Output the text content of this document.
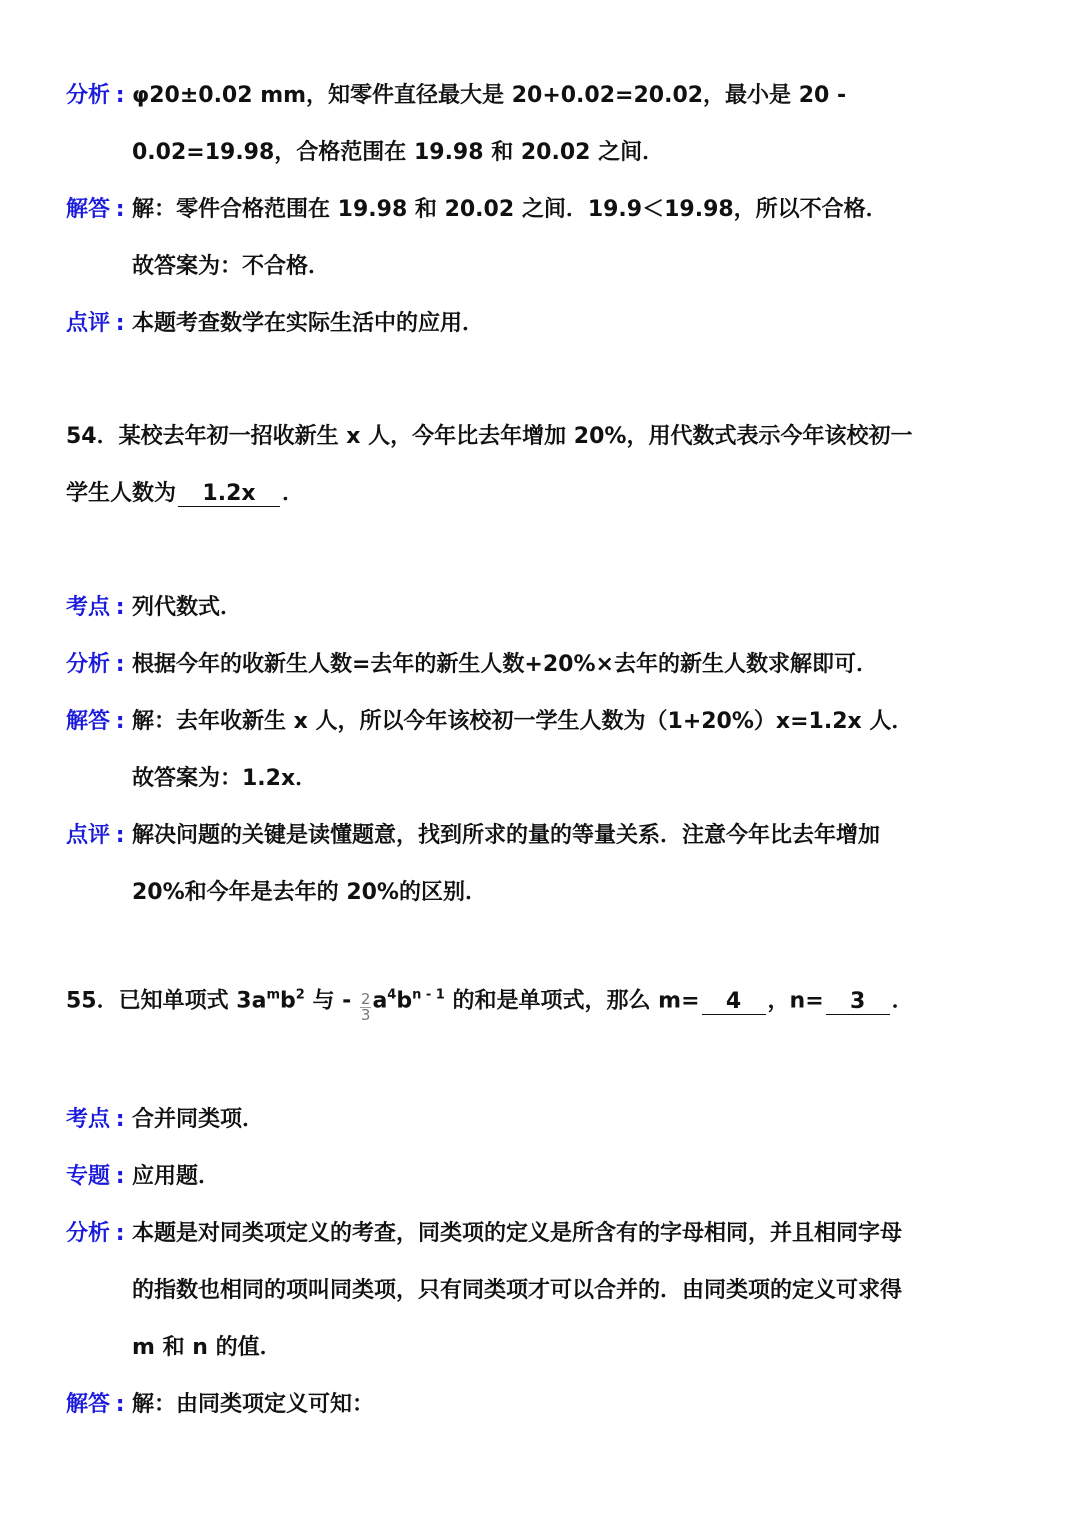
分析 : φ20±0.02 mm，知零件直径最大是 20+0.02=20.02，最小是 20 -
0.02=19.98，合格范围在 19.98 和 20.02 之间．
解答 : 解：零件合格范围在 19.98 和 20.02 之间．19.9＜19.98，所以不合格．
故答案为：不合格．
点评 : 本题考查数学在实际生活中的应用．
54．某校去年初一招收新生 x 人，今年比去年增加 20%，用代数式表示今年该校初一
学生人数为 1.2x ．
考点 : 列代数式．
分析 : 根据今年的收新生人数=去年的新生人数+20%×去年的新生人数求解即可．
解答 : 解：去年收新生 x 人，所以今年该校初一学生人数为（1+20%）x=1.2x 人．
故答案为：1.2x．
点评 : 解决问题的关键是读懂题意，找到所求的量的等量关系．注意今年比去年增加
20%和今年是去年的 20%的区别．
55．已知单项式 $3a^mb^2$ 与 - $\frac{2}{3} a^4b^{n - 1}$ 的和是单项式，那么 m= 4 ，n= 3 ．
考点 : 合并同类项．
专题 : 应用题．
分析 : 本题是对同类项定义的考查，同类项的定义是所含有的字母相同，并且相同字母
的指数也相同的项叫同类项，只有同类项才可以合并的．由同类项的定义可求得
m 和 n 的值．
解答 : 解：由同类项定义可知：
